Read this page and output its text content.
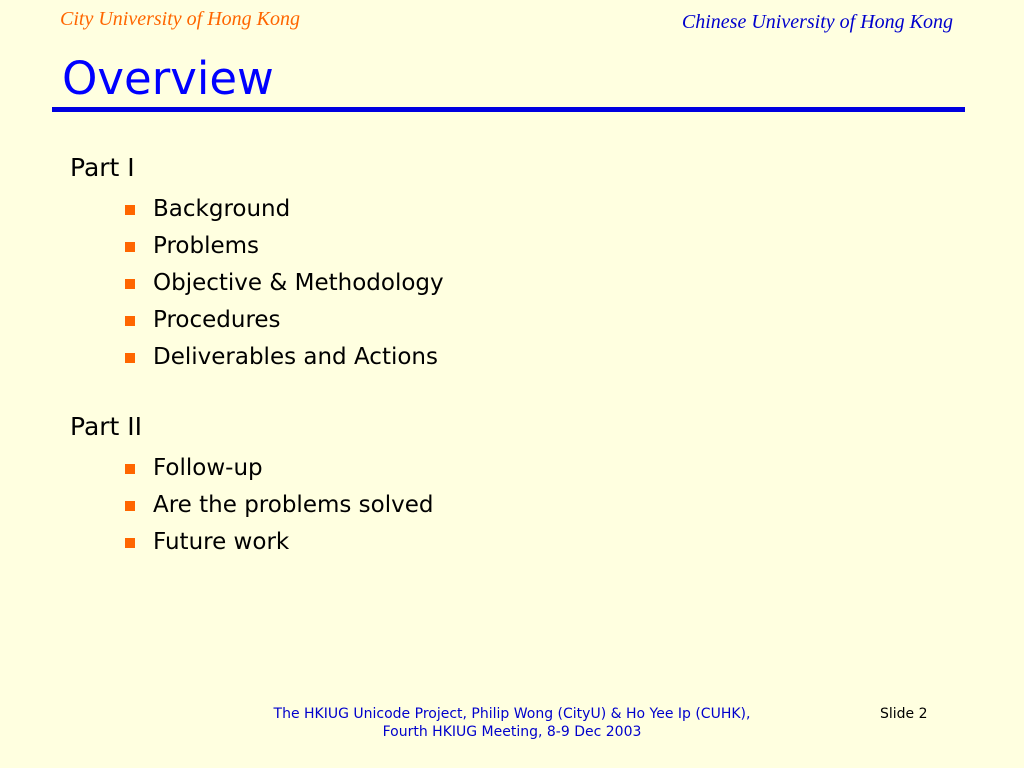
City University of Hong Kong	Chinese University of Hong Kong
Overview
Part I
Background
Problems
Objective & Methodology
Procedures
Deliverables and Actions
Part II
Follow-up
Are the problems solved
Future work
The HKIUG Unicode Project, Philip Wong (CityU) & Ho Yee Ip (CUHK),
Fourth HKIUG Meeting, 8-9 Dec 2003
Slide 2
